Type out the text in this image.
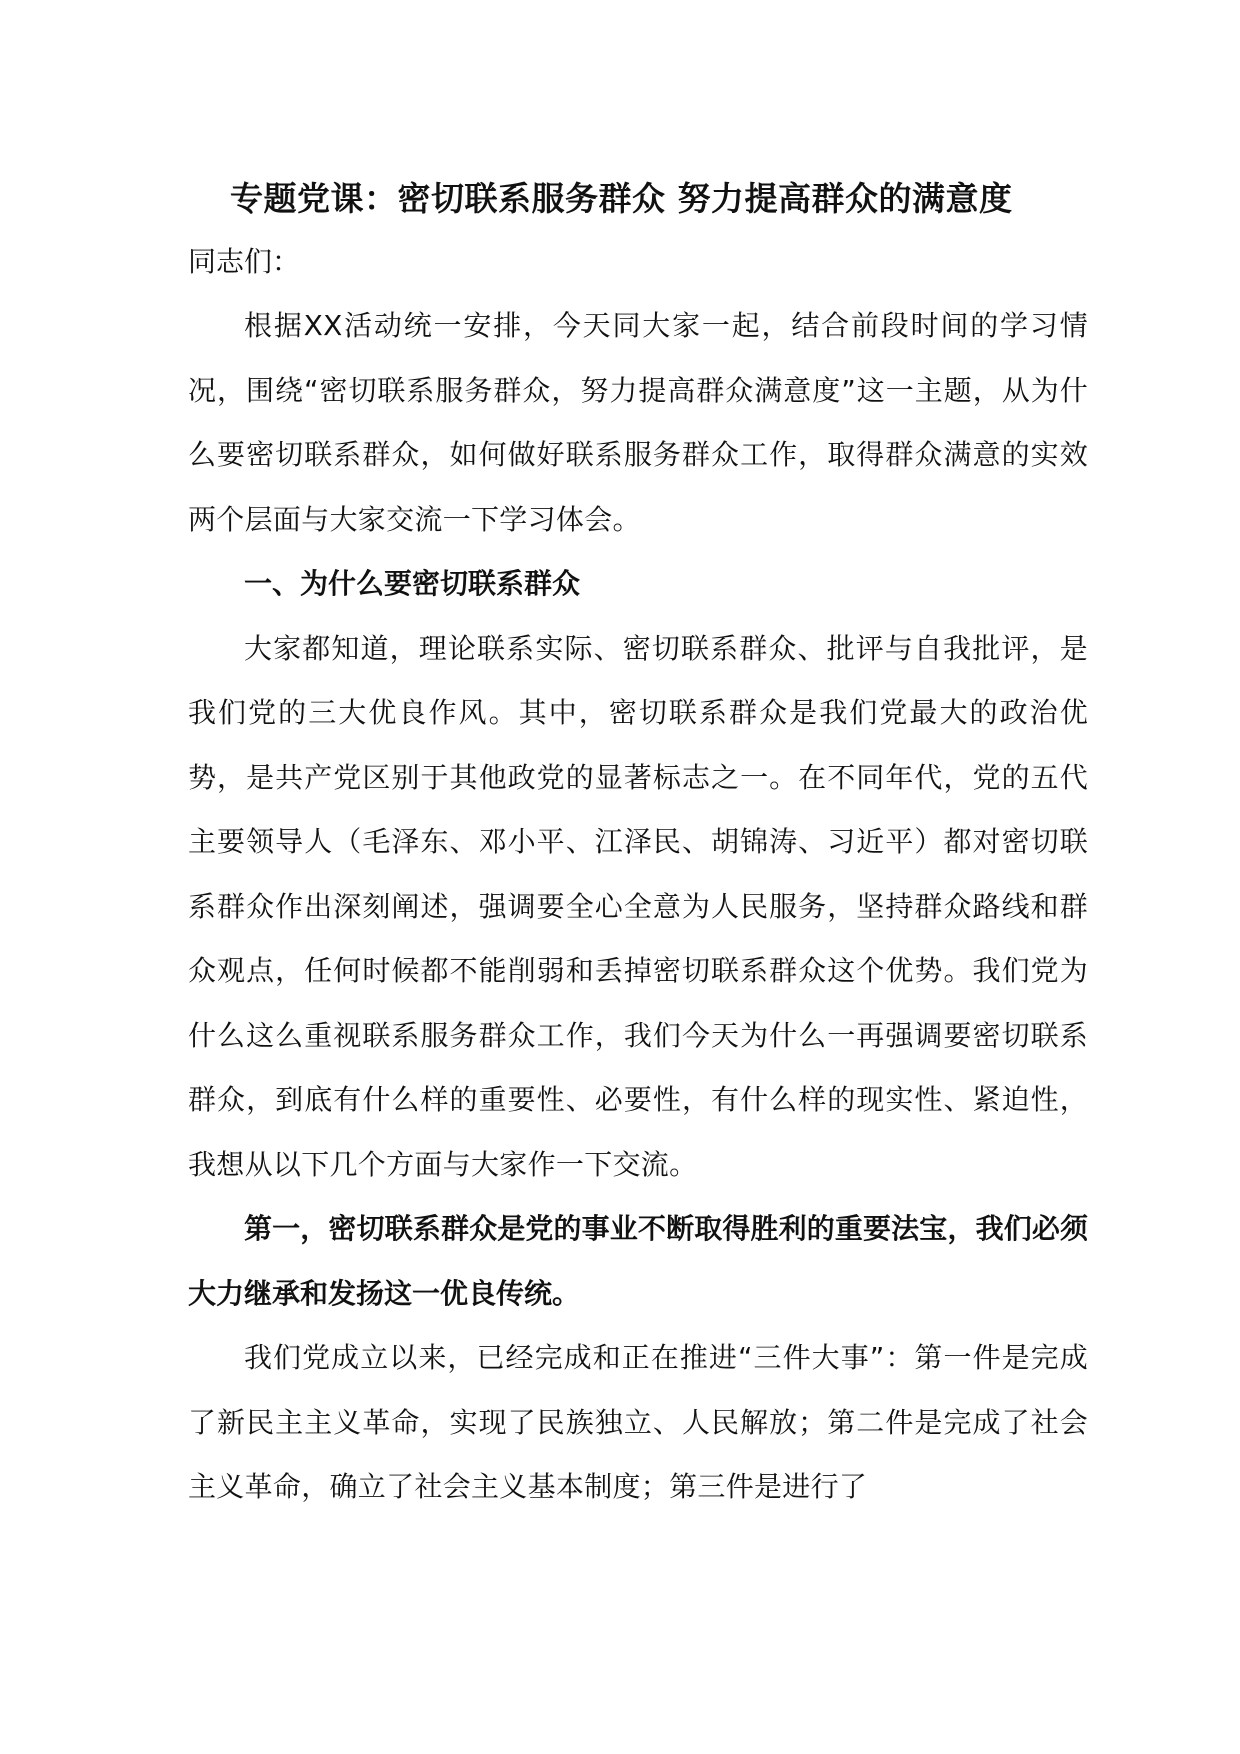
专题党课：密切联系服务群众 努力提高群众的满意度

同志们：

根据XX活动统一安排，今天同大家一起，结合前段时间的学习情况，围绕“密切联系服务群众，努力提高群众满意度”这一主题，从为什么要密切联系群众，如何做好联系服务群众工作，取得群众满意的实效两个层面与大家交流一下学习体会。

一、为什么要密切联系群众

大家都知道，理论联系实际、密切联系群众、批评与自我批评，是我们党的三大优良作风。其中，密切联系群众是我们党最大的政治优势，是共产党区别于其他政党的显著标志之一。在不同年代，党的五代主要领导人（毛泽东、邓小平、江泽民、胡锦涛、习近平）都对密切联系群众作出深刻阐述，强调要全心全意为人民服务，坚持群众路线和群众观点，任何时候都不能削弱和丢掉密切联系群众这个优势。我们党为什么这么重视联系服务群众工作，我们今天为什么一再强调要密切联系群众，到底有什么样的重要性、必要性，有什么样的现实性、紧迫性，我想从以下几个方面与大家作一下交流。

第一，密切联系群众是党的事业不断取得胜利的重要法宝，我们必须大力继承和发扬这一优良传统。

我们党成立以来，已经完成和正在推进“三件大事”：第一件是完成了新民主主义革命，实现了民族独立、人民解放；第二件是完成了社会主义革命，确立了社会主义基本制度；第三件是进行了
